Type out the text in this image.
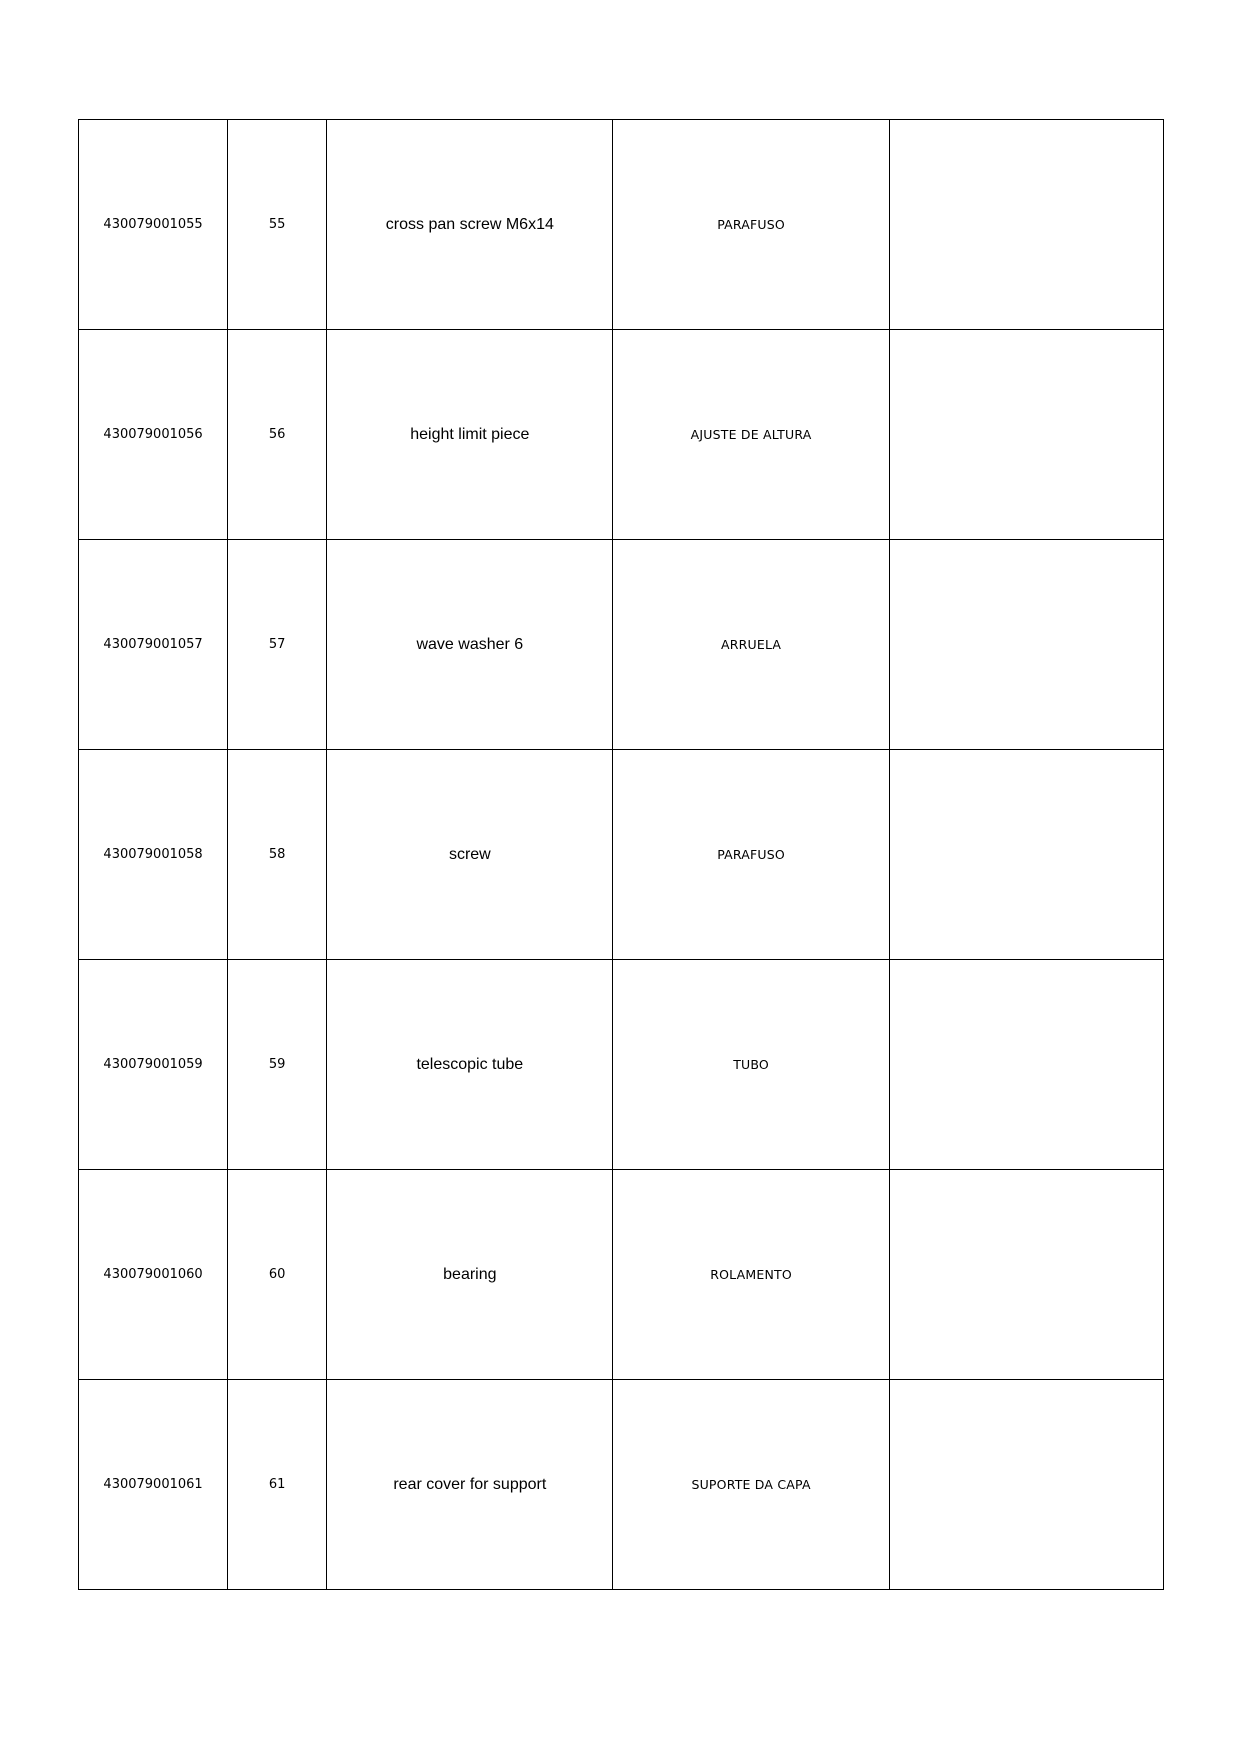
430079001055	55	cross pan screw M6x14	PARAFUSO	
430079001056	56	height limit piece	AJUSTE DE ALTURA	
430079001057	57	wave washer 6	ARRUELA	
430079001058	58	screw	PARAFUSO	
430079001059	59	telescopic tube	TUBO	
430079001060	60	bearing	ROLAMENTO	
430079001061	61	rear cover for support	SUPORTE DA CAPA	
